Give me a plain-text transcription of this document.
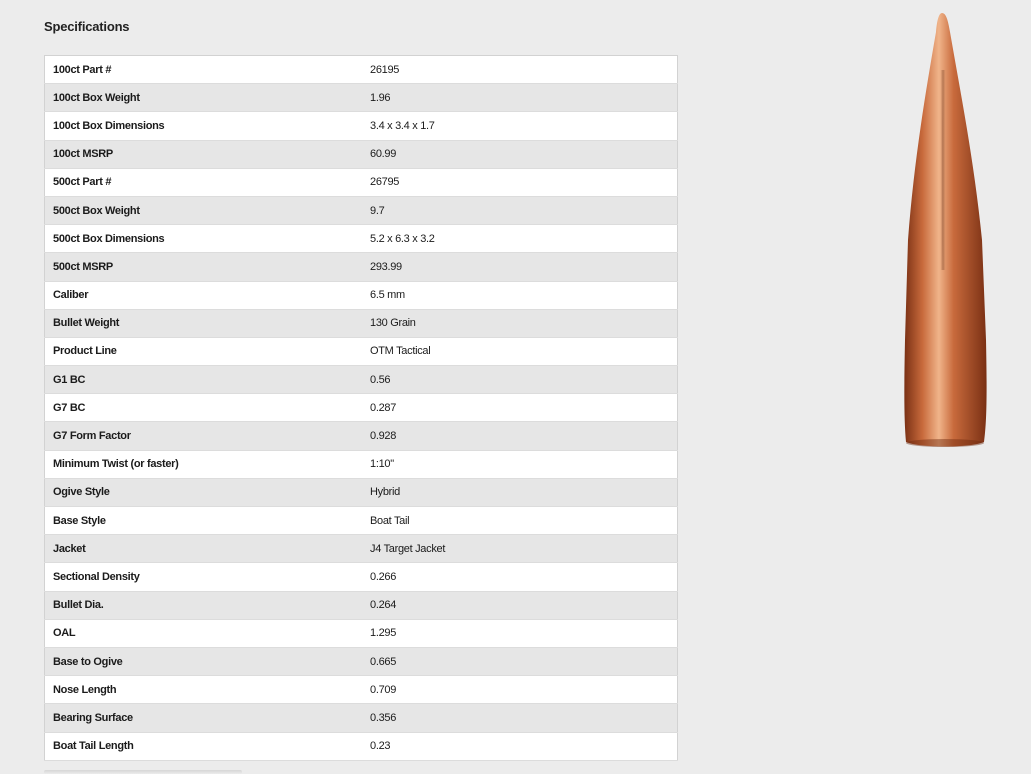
Specifications
100ct Part #	26195
100ct Box Weight	1.96
100ct Box Dimensions	3.4 x 3.4 x 1.7
100ct MSRP	60.99
500ct Part #	26795
500ct Box Weight	9.7
500ct Box Dimensions	5.2 x 6.3 x 3.2
500ct MSRP	293.99
Caliber	6.5 mm
Bullet Weight	130 Grain
Product Line	OTM Tactical
G1 BC	0.56
G7 BC	0.287
G7 Form Factor	0.928
Minimum Twist (or faster)	1:10"
Ogive Style	Hybrid
Base Style	Boat Tail
Jacket	J4 Target Jacket
Sectional Density	0.266
Bullet Dia.	0.264
OAL	1.295
Base to Ogive	0.665
Nose Length	0.709
Bearing Surface	0.356
Boat Tail Length	0.23
